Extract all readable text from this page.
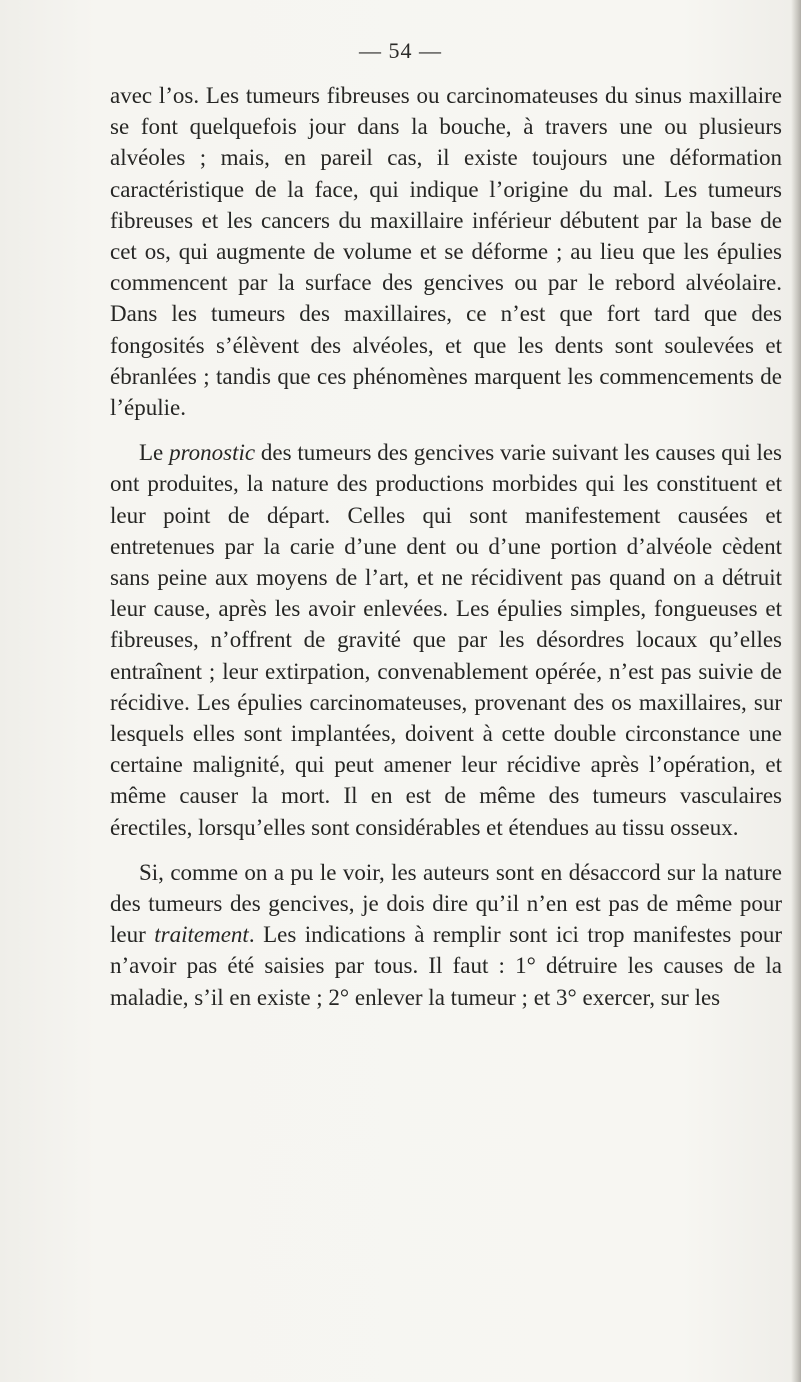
— 54 —

avec l’os. Les tumeurs fibreuses ou carcinomateuses du sinus maxillaire se font quelquefois jour dans la bouche, à travers une ou plusieurs alvéoles ; mais, en pareil cas, il existe toujours une déformation caractéristique de la face, qui indique l’origine du mal. Les tumeurs fibreuses et les cancers du maxillaire inférieur débutent par la base de cet os, qui augmente de volume et se déforme ; au lieu que les épulies commencent par la surface des gencives ou par le rebord alvéolaire. Dans les tumeurs des maxillaires, ce n’est que fort tard que des fongosités s’élèvent des alvéoles, et que les dents sont soulevées et ébranlées ; tandis que ces phénomènes marquent les commencements de l’épulie.

Le pronostic des tumeurs des gencives varie suivant les causes qui les ont produites, la nature des productions morbides qui les constituent et leur point de départ. Celles qui sont manifestement causées et entretenues par la carie d’une dent ou d’une portion d’alvéole cèdent sans peine aux moyens de l’art, et ne récidivent pas quand on a détruit leur cause, après les avoir enlevées. Les épulies simples, fongueuses et fibreuses, n’offrent de gravité que par les désordres locaux qu’elles entraînent ; leur extirpation, convenablement opérée, n’est pas suivie de récidive. Les épulies carcinomateuses, provenant des os maxillaires, sur lesquels elles sont implantées, doivent à cette double circonstance une certaine malignité, qui peut amener leur récidive après l’opération, et même causer la mort. Il en est de même des tumeurs vasculaires érectiles, lorsqu’elles sont considérables et étendues au tissu osseux.

Si, comme on a pu le voir, les auteurs sont en désaccord sur la nature des tumeurs des gencives, je dois dire qu’il n’en est pas de même pour leur traitement. Les indications à remplir sont ici trop manifestes pour n’avoir pas été saisies par tous. Il faut : 1° détruire les causes de la maladie, s’il en existe ; 2° enlever la tumeur ; et 3° exercer, sur les
